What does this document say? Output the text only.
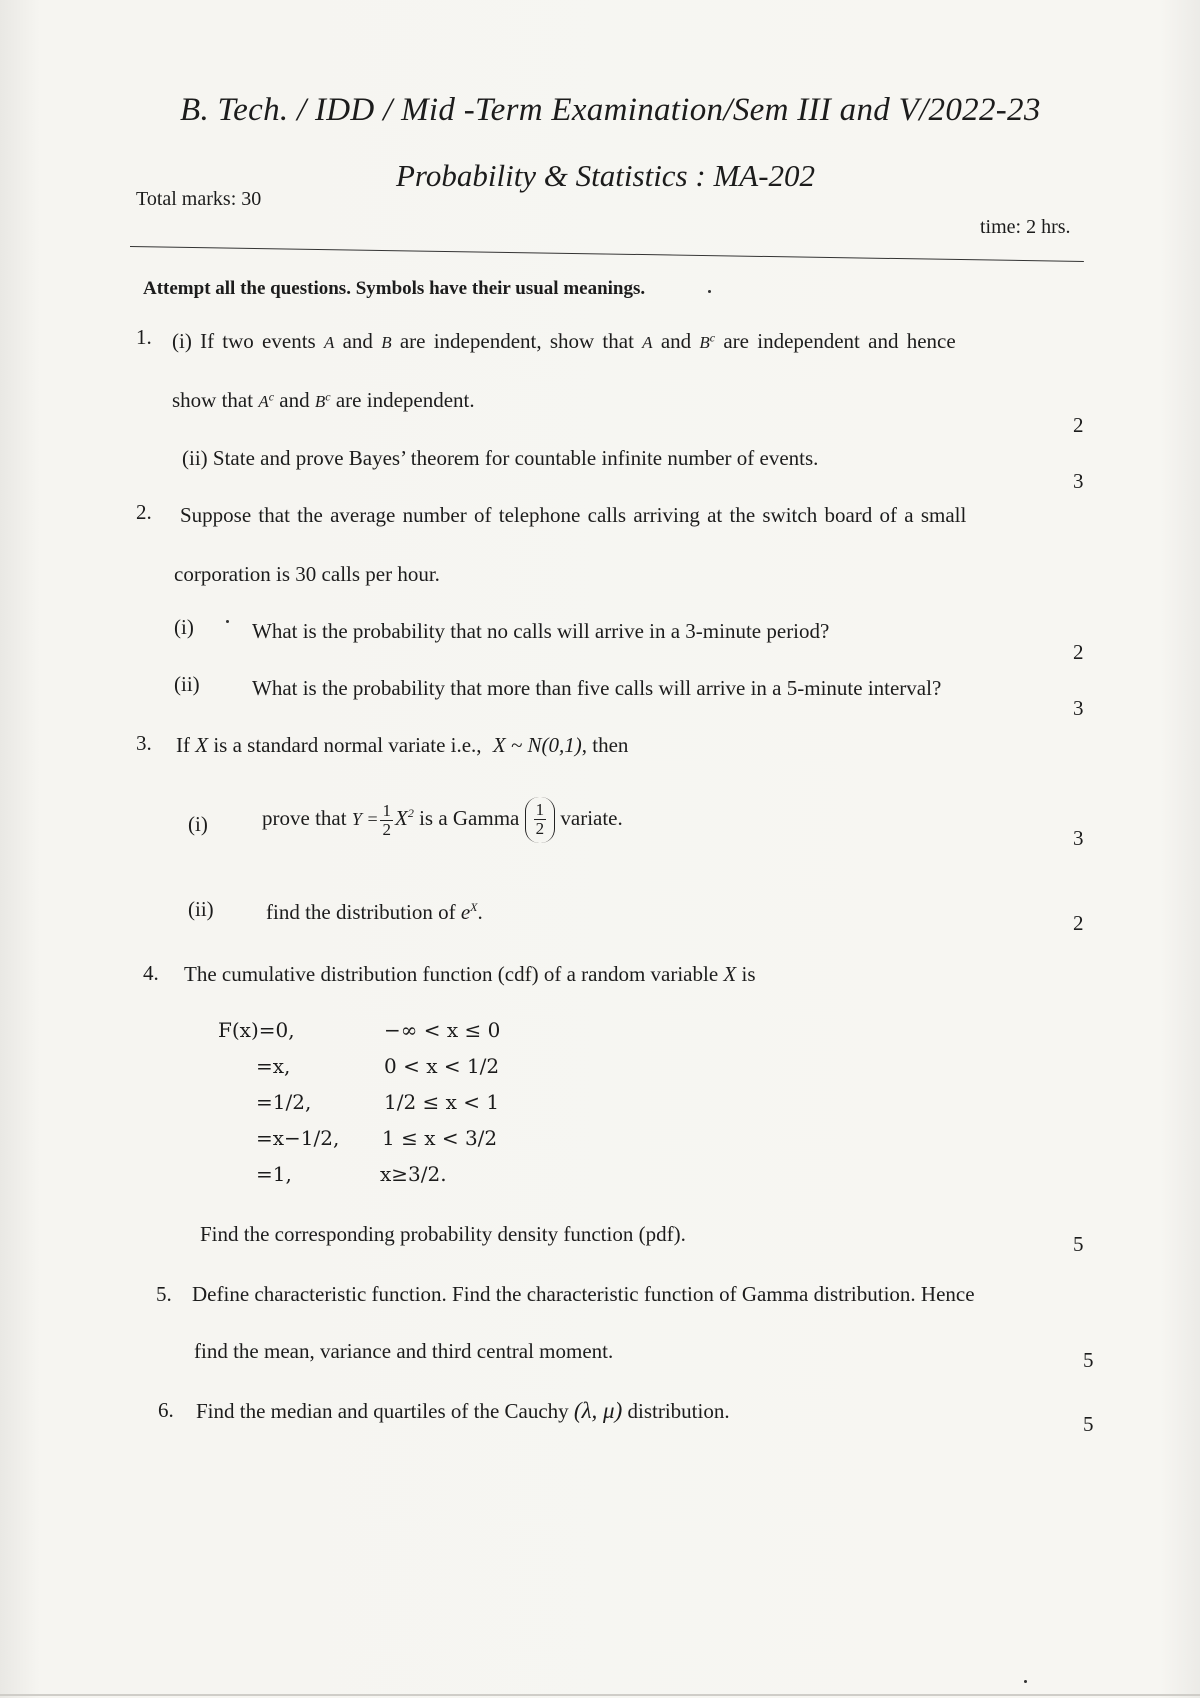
B. Tech. / IDD / Mid -Term Examination/Sem III and V/2022-23
Probability & Statistics : MA-202
Total marks: 30
time: 2 hrs.
Attempt all the questions. Symbols have their usual meanings.
1. (i) If two events A and B are independent, show that A and $B^c$ are independent and hence
show that $A^c$ and $B^c$ are independent.
2
(ii) State and prove Bayes’ theorem for countable infinite number of events.
3
2. Suppose that the average number of telephone calls arriving at the switch board of a small
corporation is 30 calls per hour.
(i)	What is the probability that no calls will arrive in a 3-minute period?
2
(ii) What is the probability that more than five calls will arrive in a 5-minute interval?
3
3. If X is a standard normal variate i.e., X ~ N(0,1), then
(i)	prove that $Y = \frac{1}{2} X^2$ is a Gamma $\frac{1}{2}$ variate.
3
(ii) find the distribution of $e^X$.	2
4. The cumulative distribution function (cdf) of a random variable X is
F(x)=0,	−∞ < x ≤ 0
=x,	0 < x < 1/2
=1/2,	1/2 ≤ x < 1
=x−1/2, 1 ≤ x < 3/2
=1,	x≥3/2.
Find the corresponding probability density function (pdf).	5
5. Define characteristic function. Find the characteristic function of Gamma distribution. Hence
find the mean, variance and third central moment.	5
6. Find the median and quartiles of the Cauchy (λ, μ) distribution.
5
